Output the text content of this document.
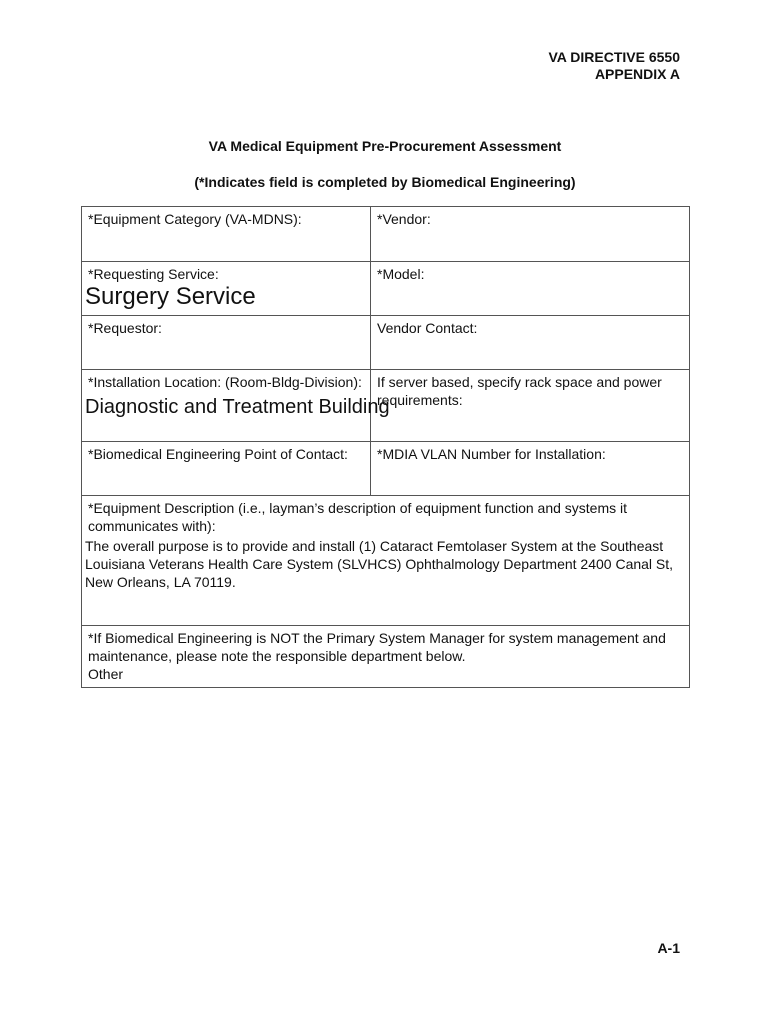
VA DIRECTIVE 6550
APPENDIX A
VA Medical Equipment Pre-Procurement Assessment
(*Indicates field is completed by Biomedical Engineering)
*Equipment Category (VA-MDNS):	*Vendor:

*Requesting Service:
Surgery Service	*Model:

*Requestor:	Vendor Contact:

*Installation Location: (Room-Bldg-Division):
Diagnostic and Treatment Building	If server based, specify rack space and power requirements:

*Biomedical Engineering Point of Contact:	*MDIA VLAN Number for Installation:

*Equipment Description (i.e., layman’s description of equipment function and systems it communicates with):
The overall purpose is to provide and install (1) Cataract Femtolaser System at the Southeast Louisiana Veterans Health Care System (SLVHCS) Ophthalmology Department 2400 Canal St, New Orleans, LA 70119.	

*If Biomedical Engineering is NOT the Primary System Manager for system management and maintenance, please note the responsible department below.
Other	
A-1
